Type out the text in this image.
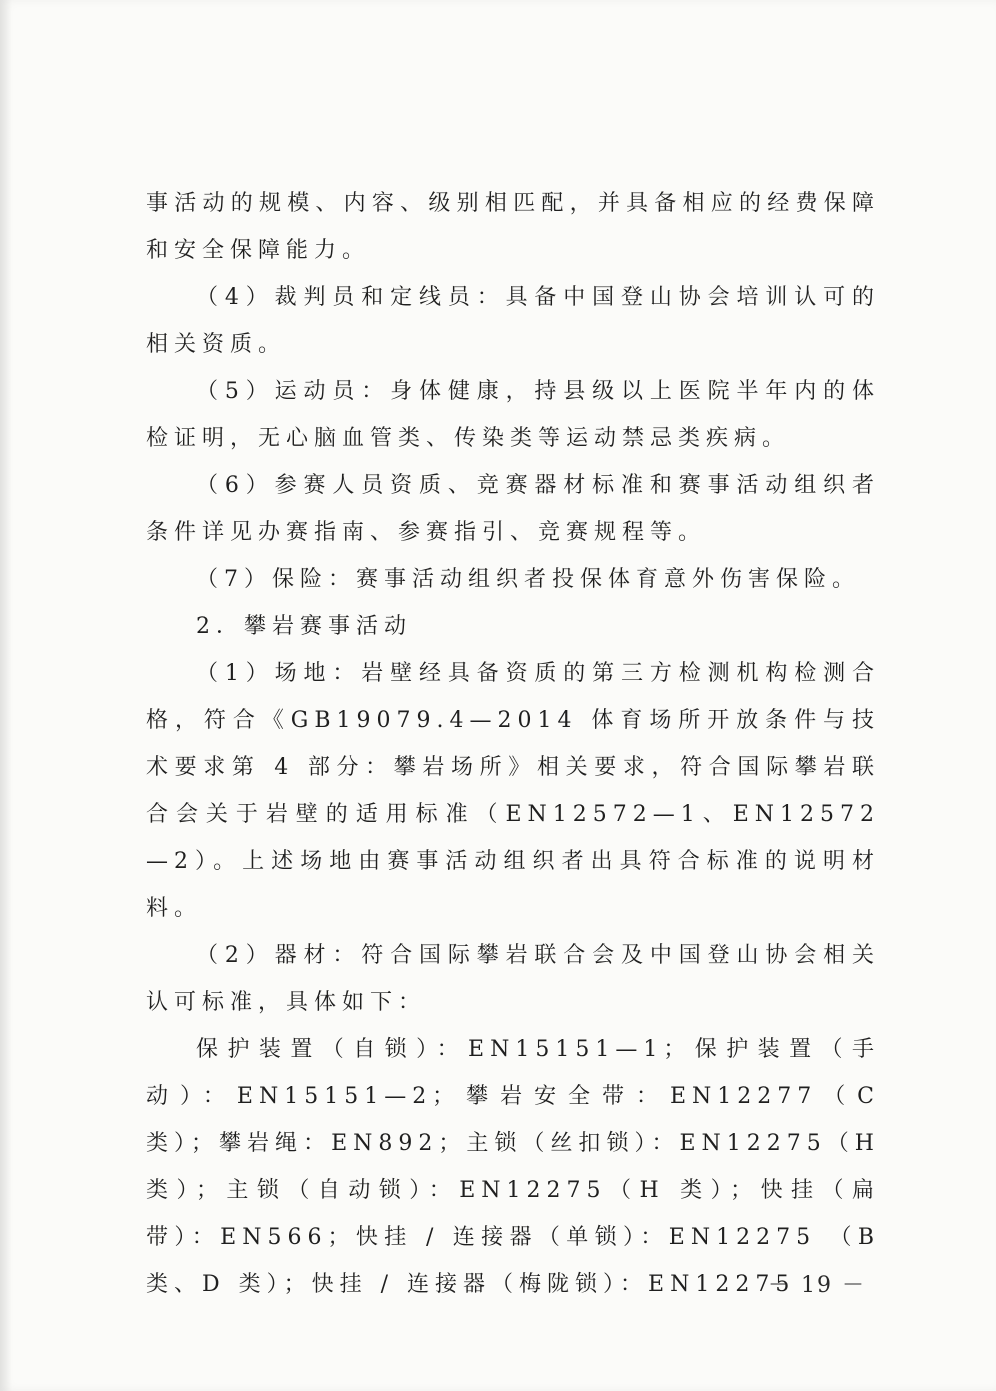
事活动的规模、内容、级别相匹配，并具备相应的经费保障和安全保障能力。

（4）裁判员和定线员：具备中国登山协会培训认可的相关资质。

（5）运动员：身体健康，持县级以上医院半年内的体检证明，无心脑血管类、传染类等运动禁忌类疾病。

（6）参赛人员资质、竞赛器材标准和赛事活动组织者条件详见办赛指南、参赛指引、竞赛规程等。

（7）保险：赛事活动组织者投保体育意外伤害保险。

2．攀岩赛事活动

（1）场地：岩壁经具备资质的第三方检测机构检测合格，符合《GB19079.4—2014 体育场所开放条件与技术要求第 4 部分：攀岩场所》相关要求，符合国际攀岩联合会关于岩壁的适用标准（EN12572—1、EN12572—2）。上述场地由赛事活动组织者出具符合标准的说明材料。

（2）器材：符合国际攀岩联合会及中国登山协会相关认可标准，具体如下：

保护装置（自锁）：EN15151—1；保护装置（手动）：EN15151—2；攀岩安全带：EN12277（C 类）；攀岩绳：EN892；主锁（丝扣锁）：EN12275（H 类）；主锁（自动锁）：EN12275（H 类）；快挂（扁带）：EN566；快挂 / 连接器（单锁）：EN12275 （B 类、D 类）；快挂 / 连接器（梅陇锁）：EN12275

－ 19 －
